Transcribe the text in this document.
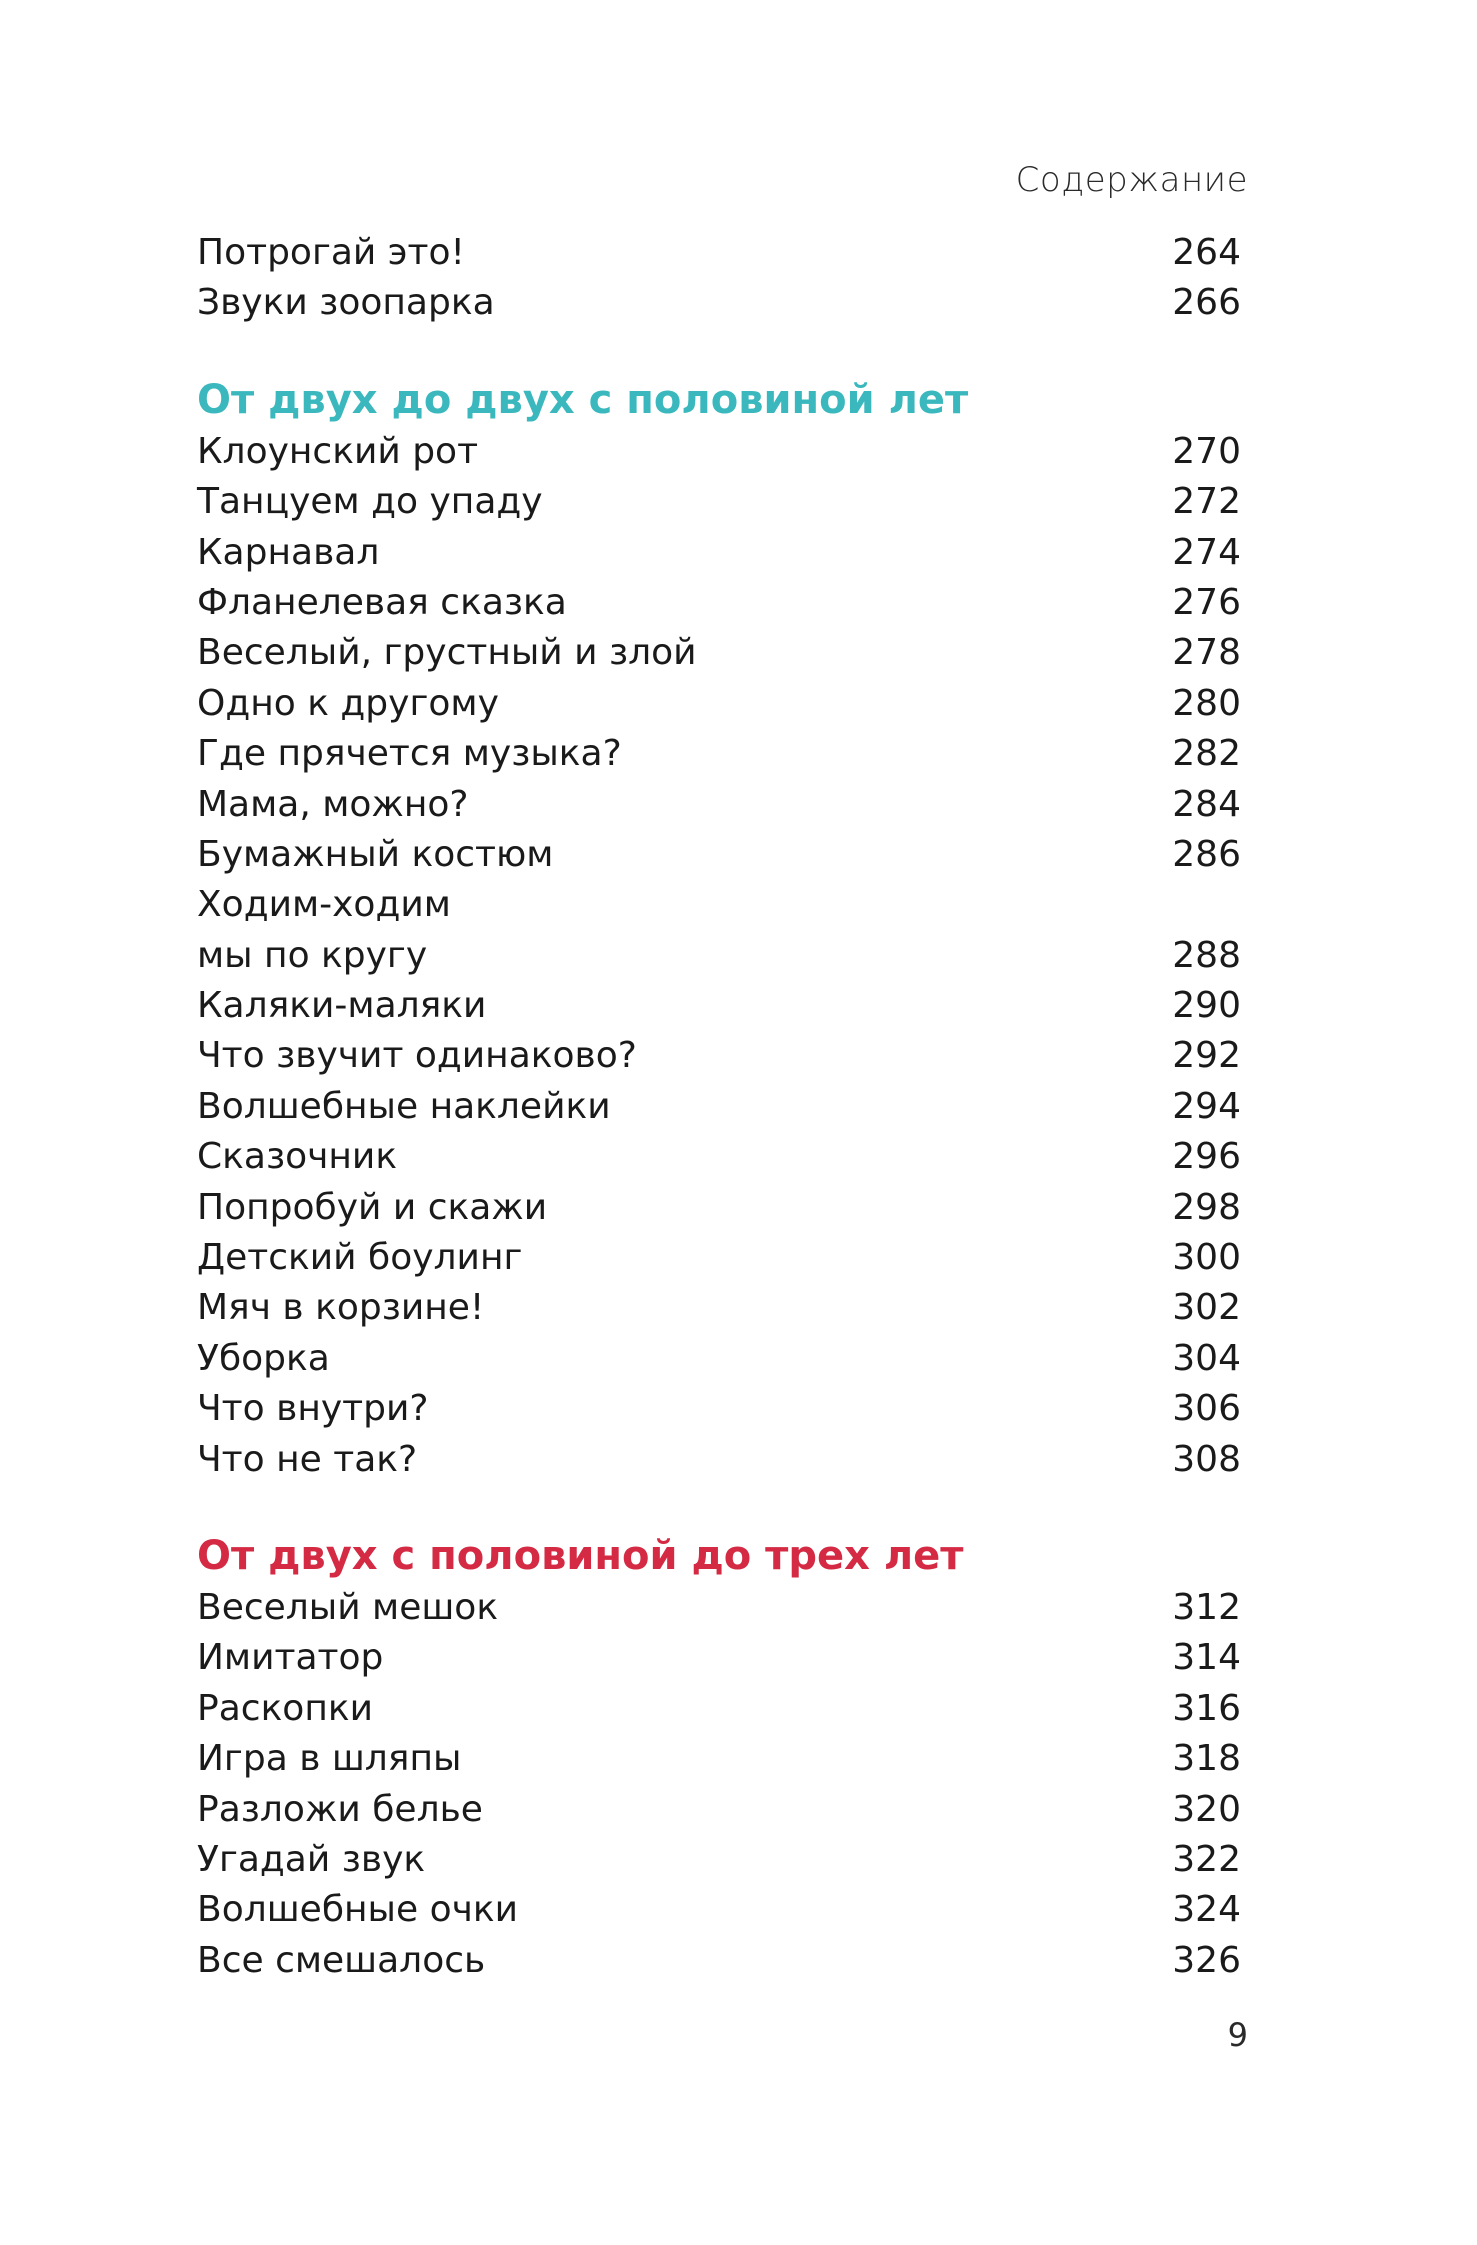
Содержание
Потрогай это!	264
Звуки зоопарка	266
От двух до двух с половиной лет
Клоунский рот	270
Танцуем до упаду	272
Карнавал	274
Фланелевая сказка	276
Веселый, грустный и злой	278
Одно к другому	280
Где прячется музыка?	282
Мама, можно?	284
Бумажный костюм	286
Ходим-ходим
мы по кругу	288
Каляки-маляки	290
Что звучит одинаково?	292
Волшебные наклейки	294
Сказочник	296
Попробуй и скажи	298
Детский боулинг	300
Мяч в корзине!	302
Уборка	304
Что внутри?	306
Что не так?	308
От двух с половиной до трех лет
Веселый мешок	312
Имитатор	314
Раскопки	316
Игра в шляпы	318
Разложи белье	320
Угадай звук	322
Волшебные очки	324
Все смешалось	326
9
